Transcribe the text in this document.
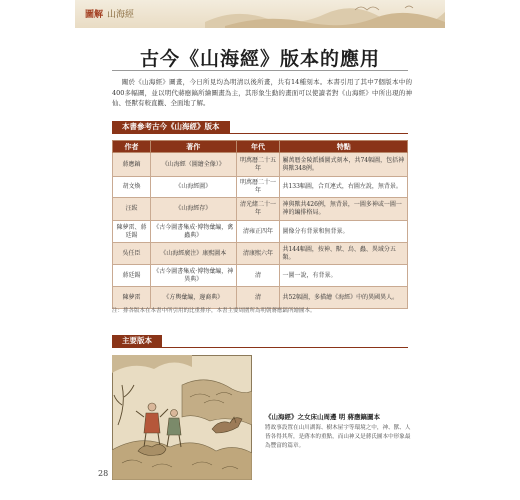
圖解 山海經
古今《山海經》版本的應用
關於《山海經》圖畫，今日所見均為明清以後所畫，共有14種刻本。本書引用了其中7個版本中的400多幅圖，並以明代蔣應鎬所繪圖畫為主，其形象生動的畫面可以使讀者對《山海經》中所出現的神仙、怪獸有較直觀、全面地了解。
本書參考古今《山海經》版本
作者	著作	年代	特點
蔣應鎬	《山海經（圖繪全像）》	明萬曆二十五年	屬萬曆金陵派插圖式刻本，共74幅圖，包括神與獸348例。
胡文煥	《山海經圖》	明萬曆二十一年	共133幅圖，合頁連式，右圖左說，無背景。
汪紱	《山海經存》	清光緒二十一年	神與獸共426例，無背景，一圖多神或一圖一神的編排格局。
陳夢雷、蔣廷錫	《古今圖書集成·博物彙編，禽蟲典》	清雍正四年	圖像分有背景和無背景。
吳任臣	《山海經廣注》康熙圖本	清康熙六年	共144幅圖，按神、獸、鳥、蟲、異域分五類。
蔣廷錫	《古今圖書集成·博物彙編，神異典》	清	一圖一說，有背景。
陳夢雷	《方輿彙編，邊裔典》	清	共52幅圖，多描繪《海經》中的異國異人。
注：排各版本在本書中所引用的比重排序，本書主要周圍所為明朝蔣應鎬所繪圖本。
主要版本
《山海經》之女床山周邊 明 蔣應鎬圖本
將故事設置在山川湖海、樹木屋宇等環境之中，神、獸、人皆各得其所，是蔣本的重點，而山神又是蔣氏圖本中形象最為豐富的篇章。
28
